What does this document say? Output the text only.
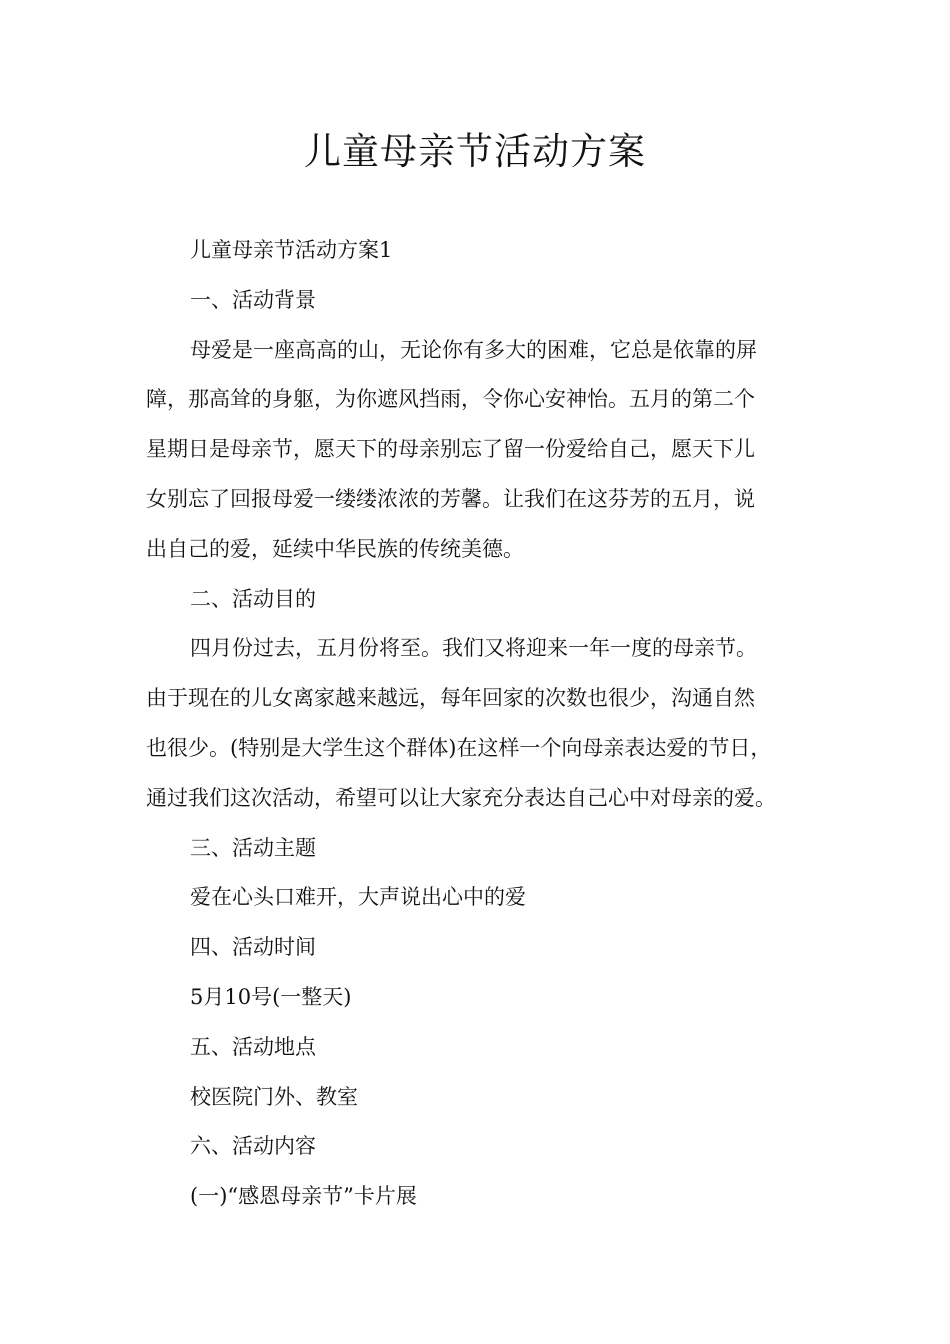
儿童母亲节活动方案

儿童母亲节活动方案1

一、活动背景

母爱是一座高高的山，无论你有多大的困难，它总是依靠的屏

障，那高耸的身躯，为你遮风挡雨，令你心安神怡。五月的第二个

星期日是母亲节，愿天下的母亲别忘了留一份爱给自己，愿天下儿

女别忘了回报母爱一缕缕浓浓的芳馨。让我们在这芬芳的五月，说

出自己的爱，延续中华民族的传统美德。

二、活动目的

四月份过去，五月份将至。我们又将迎来一年一度的母亲节。

由于现在的儿女离家越来越远，每年回家的次数也很少，沟通自然

也很少。(特别是大学生这个群体)在这样一个向母亲表达爱的节日，

通过我们这次活动，希望可以让大家充分表达自己心中对母亲的爱。

三、活动主题

爱在心头口难开，大声说出心中的爱

四、活动时间

5月10号(一整天)

五、活动地点

校医院门外、教室

六、活动内容

(一)“感恩母亲节”卡片展
